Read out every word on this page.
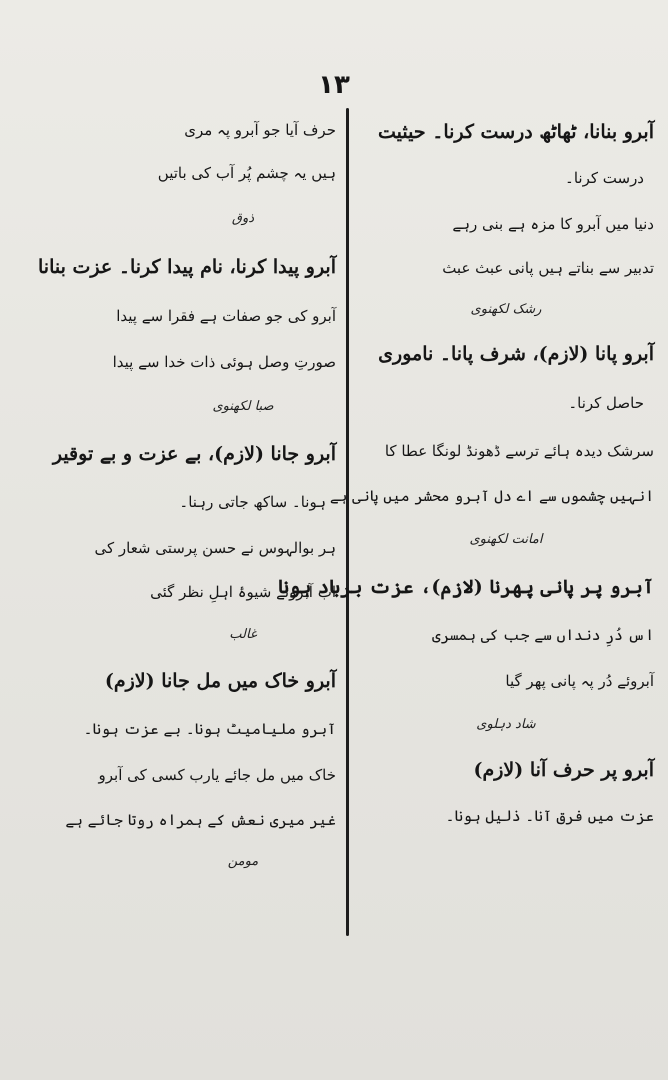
۱۳
آبرو بنانا، ٹھاٹھ درست کرنا۔ حیثیت
درست کرنا۔
دنیا میں آبرو کا مزہ ہے بنی رہے
تدبیر سے بناتے ہیں پانی عبث عبث
رشک لکھنوی
آبرو پانا (لازم)، شرف پانا۔ ناموری
حاصل کرنا۔
سرشک دیدہ ہائے ترسے ڈھونڈ لونگا عطا کا
انہیں چشموں سے اے دل آبرو محشر میں پانی ہے
امانت لکھنوی
آبرو پر پانی پھرنا (لازم)، عزت برباد ہونا
اس دُرِ دنداں سے جب کی ہمسری
آبروئے دُر پہ پانی پھر گیا
شاد دہلوی
آبرو پر حرف آنا (لازم)
عزت میں فرق آنا۔ ذلیل ہونا۔
حرف آیا جو آبرو پہ مری
ہیں یہ چشم پُر آب کی باتیں
ذوق
آبرو پیدا کرنا، نام پیدا کرنا۔ عزت بنانا
آبرو کی جو صفات ہے فقرا سے پیدا
صورتِ وصل ہوئی ذات خدا سے پیدا
صبا لکھنوی
آبرو جانا (لازم)، بے عزت و بے توقیر
ہونا۔ ساکھ جاتی رہنا۔
ہر بوالہوس نے حسن پرستی شعار کی
اب آبروئے شیوۂ اہلِ نظر گئی
غالب
آبرو خاک میں مل جانا (لازم)
آبرو ملیامیٹ ہونا۔ بے عزت ہونا۔
خاک میں مل جائے یارب کسی کی آبرو
غیر میری نعش کے ہمراہ روتا جائے ہے
مومن
